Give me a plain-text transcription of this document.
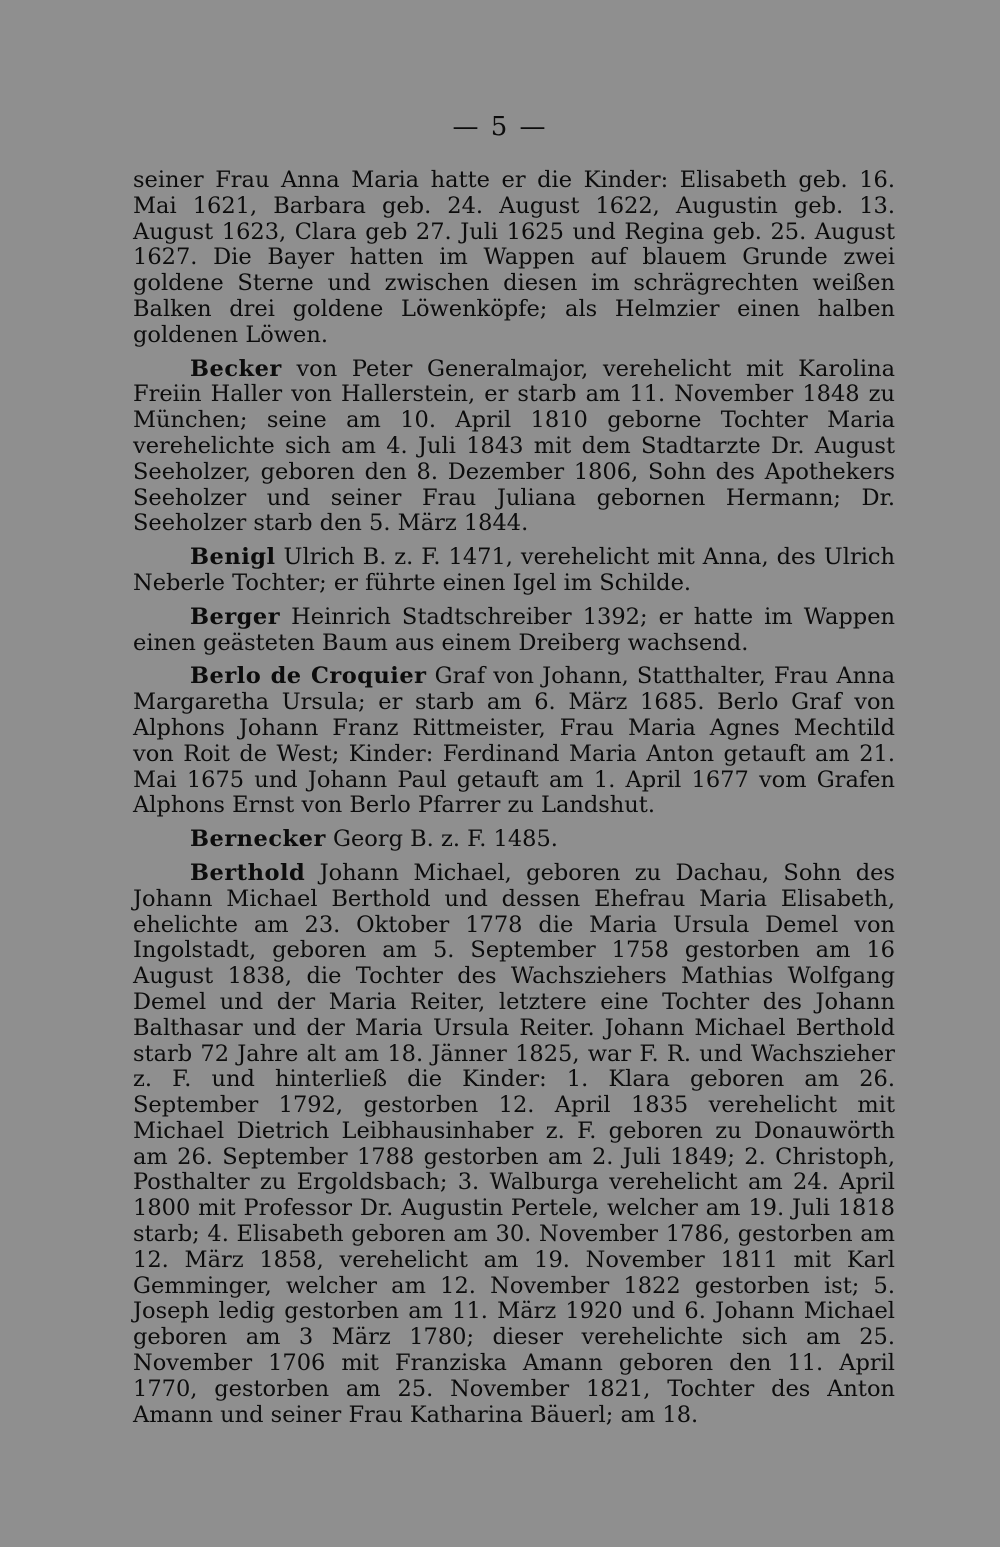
— 5 —

seiner Frau Anna Maria hatte er die Kinder: Elisabeth geb. 16. Mai 1621, Barbara geb. 24. August 1622, Augustin geb. 13. August 1623, Clara geb 27. Juli 1625 und Regina geb. 25. August 1627. Die Bayer hatten im Wappen auf blauem Grunde zwei goldene Sterne und zwischen diesen im schrägrechten weißen Balken drei goldene Löwenköpfe; als Helmzier einen halben goldenen Löwen.

Becker von Peter Generalmajor, verehelicht mit Karolina Freiin Haller von Hallerstein, er starb am 11. November 1848 zu München; seine am 10. April 1810 geborne Tochter Maria verehelichte sich am 4. Juli 1843 mit dem Stadtarzte Dr. August Seeholzer, geboren den 8. Dezember 1806, Sohn des Apothekers Seeholzer und seiner Frau Juliana gebornen Hermann; Dr. Seeholzer starb den 5. März 1844.

Benigl Ulrich B. z. F. 1471, verehelicht mit Anna, des Ulrich Neberle Tochter; er führte einen Igel im Schilde.

Berger Heinrich Stadtschreiber 1392; er hatte im Wappen einen geästeten Baum aus einem Dreiberg wachsend.

Berlo de Croquier Graf von Johann, Statthalter, Frau Anna Margaretha Ursula; er starb am 6. März 1685. Berlo Graf von Alphons Johann Franz Rittmeister, Frau Maria Agnes Mechtild von Roit de West; Kinder: Ferdinand Maria Anton getauft am 21. Mai 1675 und Johann Paul getauft am 1. April 1677 vom Grafen Alphons Ernst von Berlo Pfarrer zu Landshut.

Bernecker Georg B. z. F. 1485.

Berthold Johann Michael, geboren zu Dachau, Sohn des Johann Michael Berthold und dessen Ehefrau Maria Elisabeth, ehelichte am 23. Oktober 1778 die Maria Ursula Demel von Ingolstadt, geboren am 5. September 1758 gestorben am 16 August 1838, die Tochter des Wachsziehers Mathias Wolfgang Demel und der Maria Reiter, letztere eine Tochter des Johann Balthasar und der Maria Ursula Reiter. Johann Michael Berthold starb 72 Jahre alt am 18. Jänner 1825, war F. R. und Wachszieher z. F. und hinterließ die Kinder: 1. Klara geboren am 26. September 1792, gestorben 12. April 1835 verehelicht mit Michael Dietrich Leibhausinhaber z. F. geboren zu Donauwörth am 26. September 1788 gestorben am 2. Juli 1849; 2. Christoph, Posthalter zu Ergoldsbach; 3. Walburga verehelicht am 24. April 1800 mit Professor Dr. Augustin Pertele, welcher am 19. Juli 1818 starb; 4. Elisabeth geboren am 30. November 1786, gestorben am 12. März 1858, verehelicht am 19. November 1811 mit Karl Gemminger, welcher am 12. November 1822 gestorben ist; 5. Joseph ledig gestorben am 11. März 1920 und 6. Johann Michael geboren am 3 März 1780; dieser verehelichte sich am 25. November 1706 mit Franziska Amann geboren den 11. April 1770, gestorben am 25. November 1821, Tochter des Anton Amann und seiner Frau Katharina Bäuerl; am 18.
